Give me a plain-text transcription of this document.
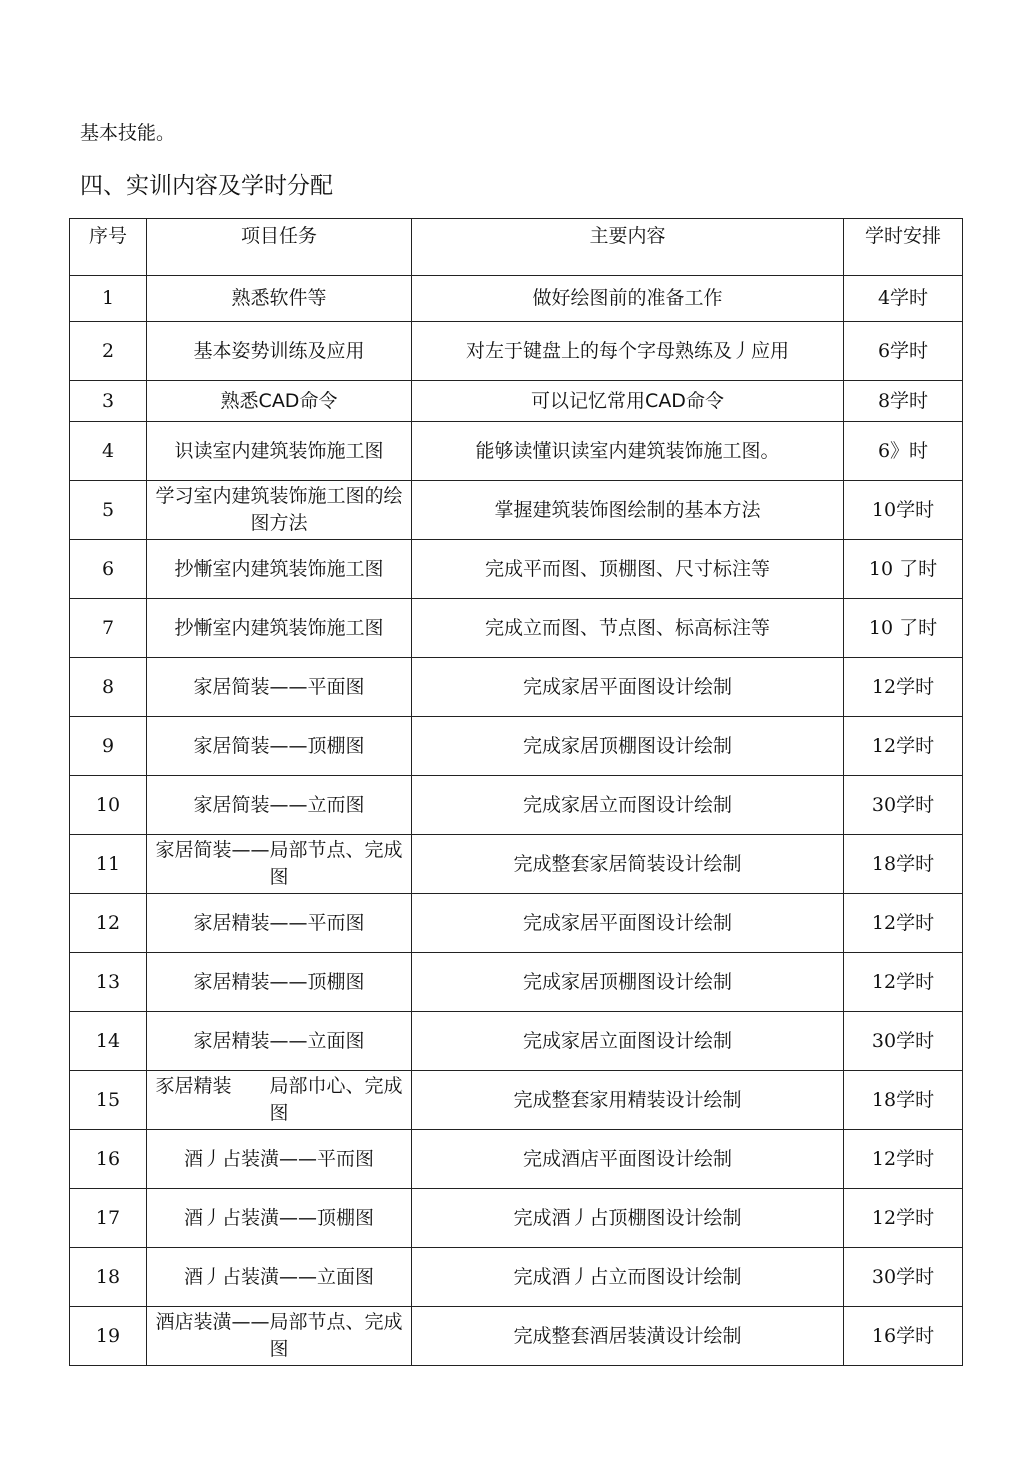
基本技能。
四、实训内容及学时分配
序号	项目任务	主要内容	学时安排
1	熟悉软件等	做好绘图前的准备工作	4学时
2	基本姿势训练及应用	对左于键盘上的每个字母熟练及丿应用	6学时
3	熟悉CAD命令	可以记忆常用CAD命令	8学时
4	识读室内建筑装饰施工图	能够读懂识读室内建筑装饰施工图。	6》时
5	学习室内建筑装饰施工图的绘图方法	掌握建筑装饰图绘制的基本方法	10学时
6	抄慚室内建筑装饰施工图	完成平而图、顶棚图、尺寸标注等	10 了时
7	抄慚室内建筑装饰施工图	完成立而图、节点图、标高标注等	10 了时
8	家居简装——平面图	完成家居平面图设计绘制	12学时
9	家居简装——顶棚图	完成家居顶棚图设计绘制	12学时
10	家居简装——立而图	完成家居立而图设计绘制	30学时
11	家居简装——局部节点、完成图	完成整套家居简装设计绘制	18学时
12	家居精装——平而图	完成家居平面图设计绘制	12学时
13	家居精装——顶棚图	完成家居顶棚图设计绘制	12学时
14	家居精装——立面图	完成家居立面图设计绘制	30学时
15	豕居精装　　局部巾心、完成图	完成整套家用精装设计绘制	18学时
16	酒丿占装潢——平而图	完成酒店平面图设计绘制	12学时
17	酒丿占装潢——顶棚图	完成酒丿占顶棚图设计绘制	12学时
18	酒丿占装潢——立面图	完成酒丿占立而图设计绘制	30学时
19	酒店装潢——局部节点、完成图	完成整套酒居装潢设计绘制	16学时
